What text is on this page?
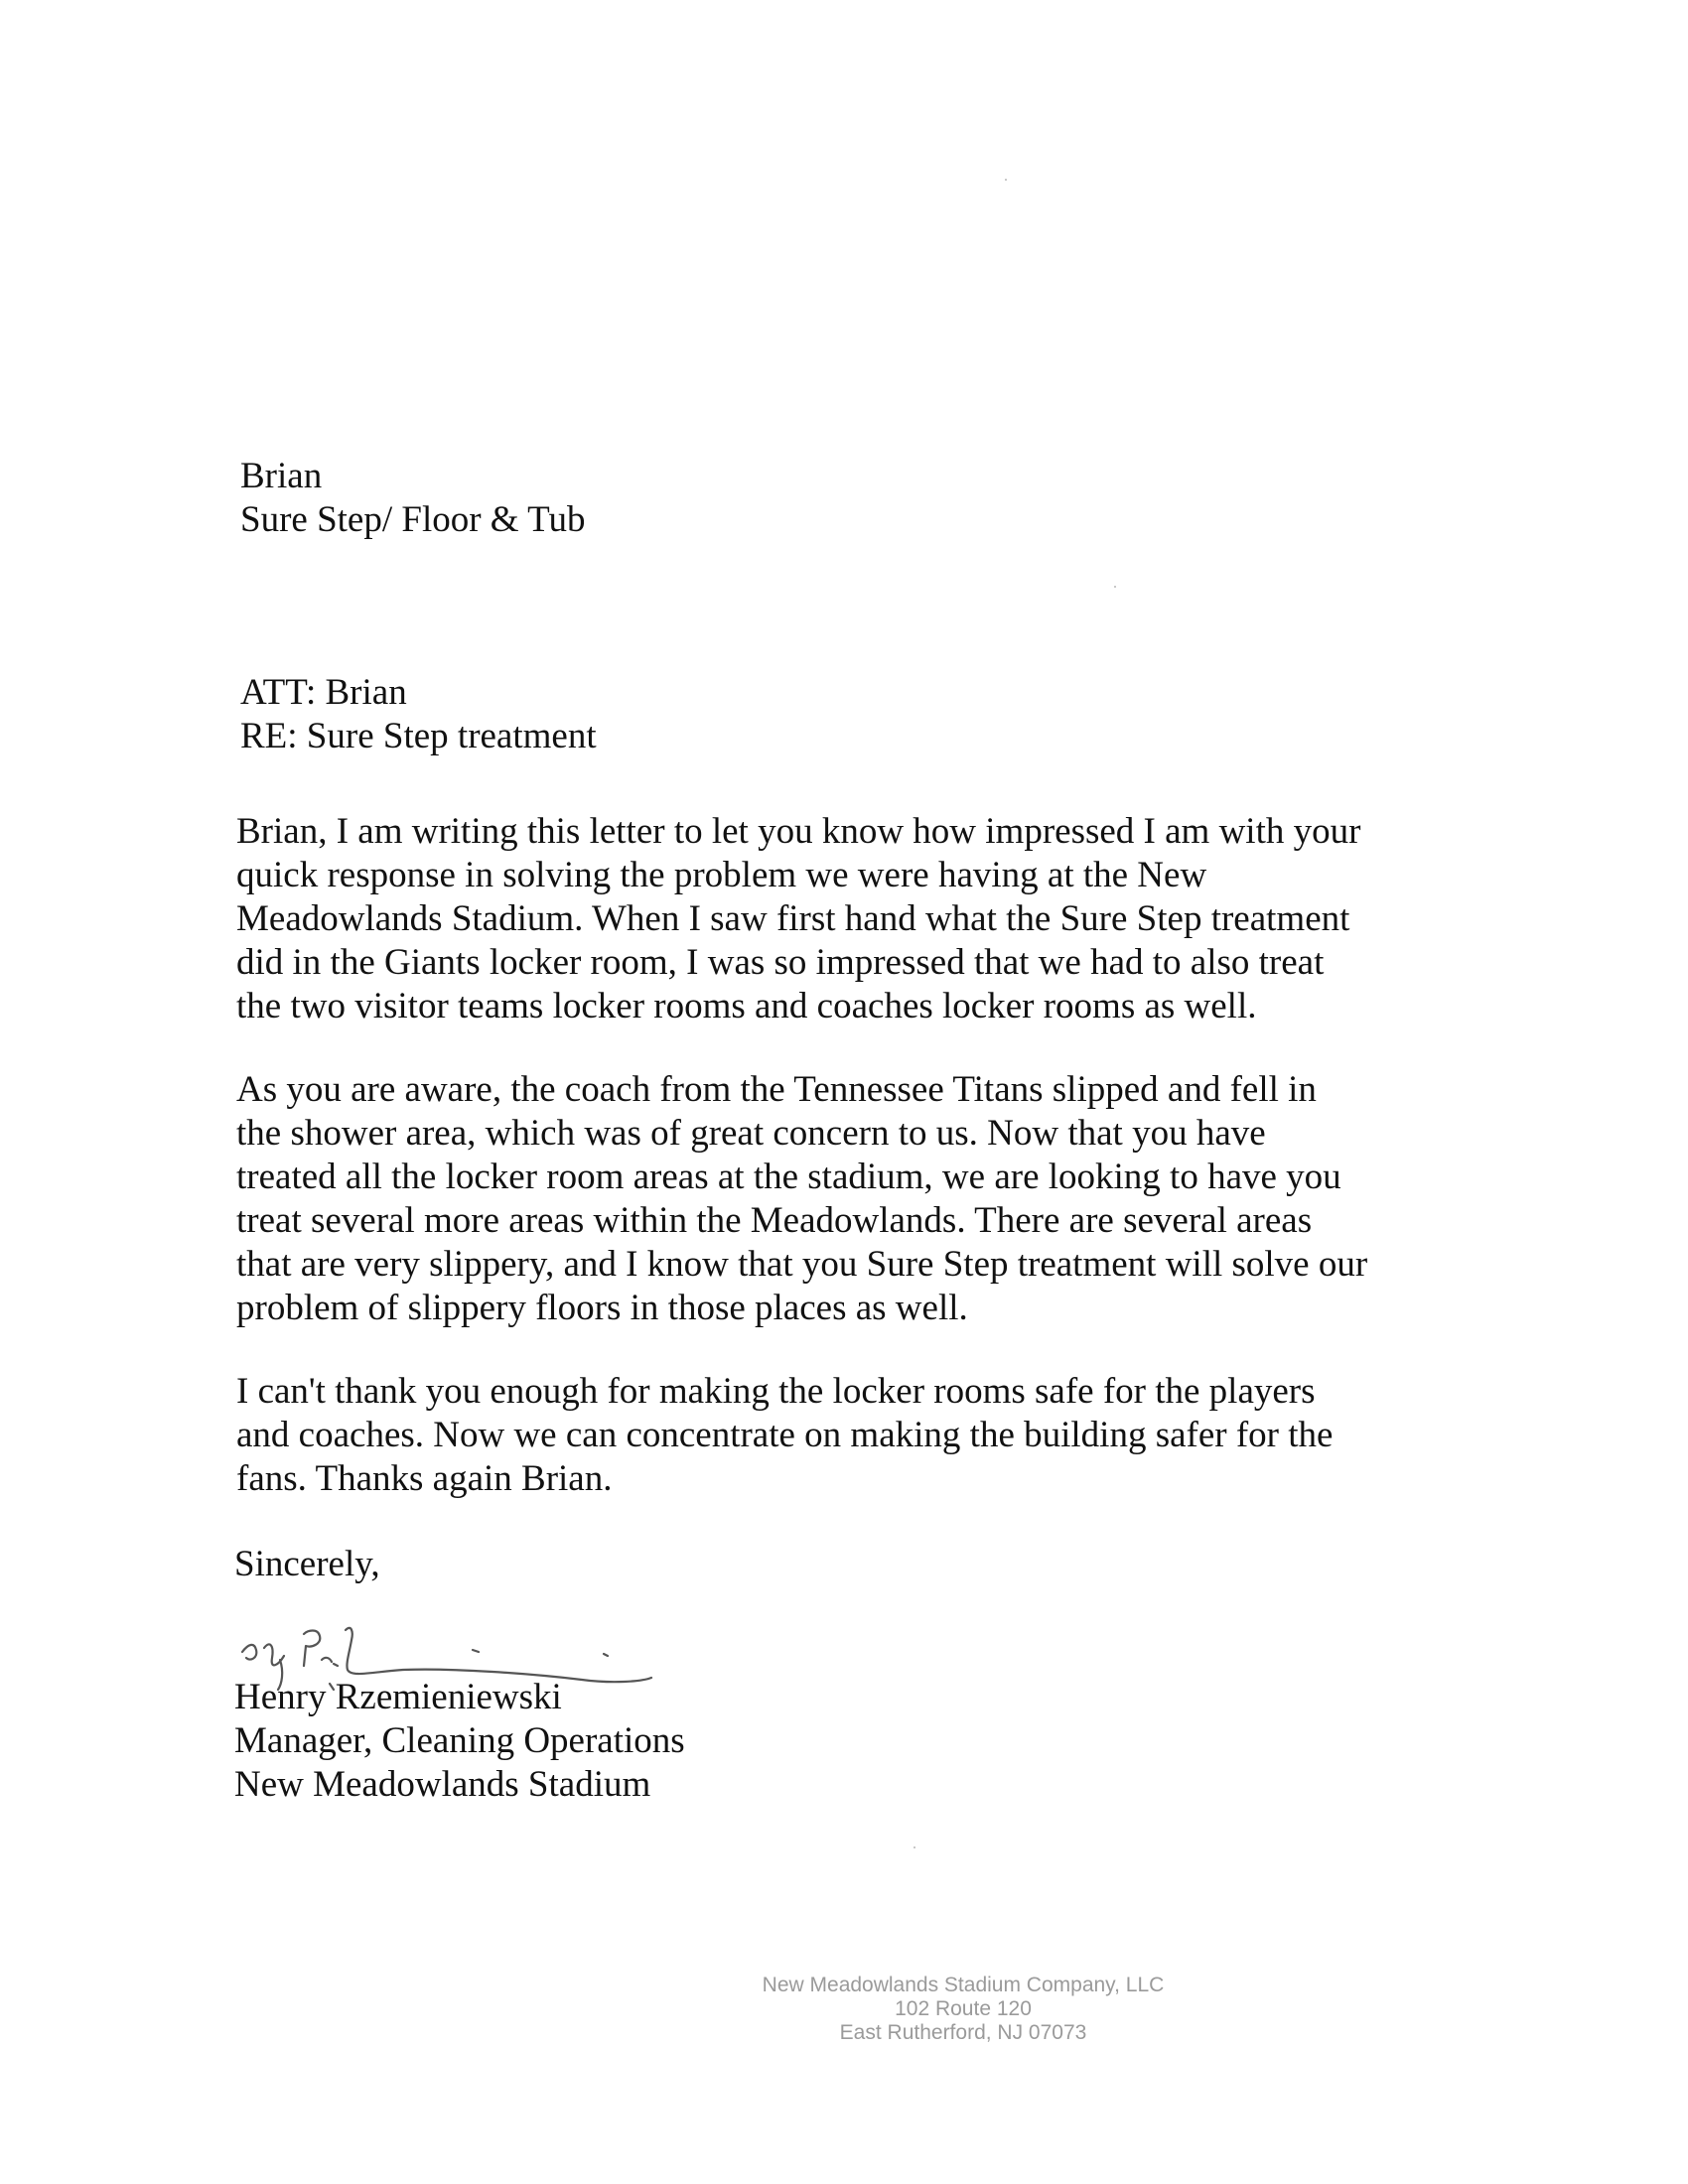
Brian
Sure Step/ Floor & Tub
ATT: Brian
RE: Sure Step treatment
Brian, I am writing this letter to let you know how impressed I am with your
quick response in solving the problem we were having at the New
Meadowlands Stadium. When I saw first hand what the Sure Step treatment
did in the Giants locker room, I was so impressed that we had to also treat
the two visitor teams locker rooms and coaches locker rooms as well.
As you are aware, the coach from the Tennessee Titans slipped and fell in
the shower area, which was of great concern to us. Now that you have
treated all the locker room areas at the stadium, we are looking to have you
treat several more areas within the Meadowlands. There are several areas
that are very slippery, and I know that you Sure Step treatment will solve our
problem of slippery floors in those places as well.
I can't thank you enough for making the locker rooms safe for the players
and coaches. Now we can concentrate on making the building safer for the
fans. Thanks again Brian.
Sincerely,
Henry Rzemieniewski
Manager, Cleaning Operations
New Meadowlands Stadium
New Meadowlands Stadium Company, LLC
102 Route 120
East Rutherford, NJ 07073
